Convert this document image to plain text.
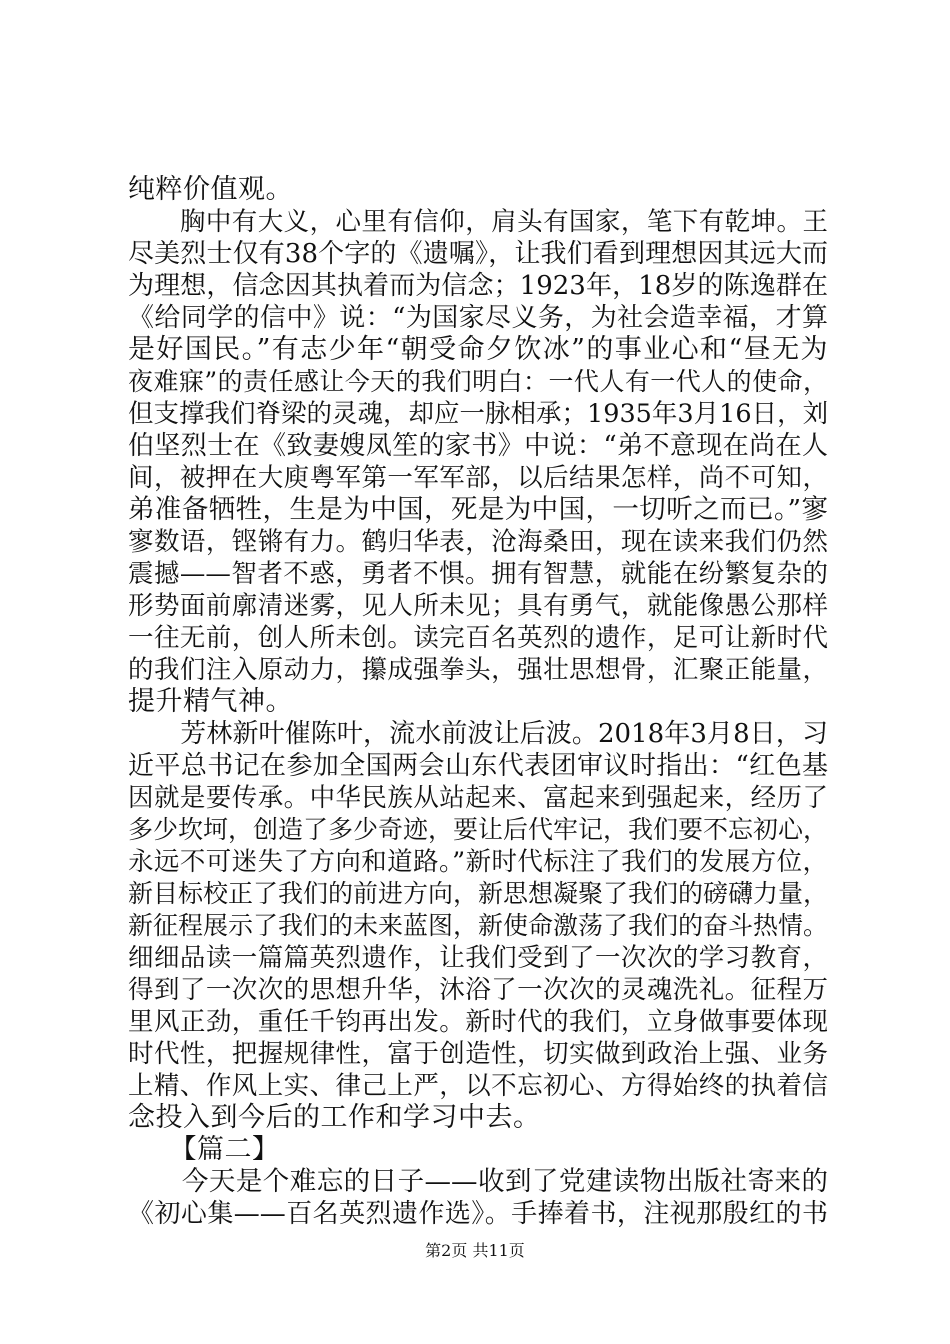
纯粹价值观。
　　胸中有大义，心里有信仰，肩头有国家，笔下有乾坤。王
尽美烈士仅有38个字的《遗嘱》，让我们看到理想因其远大而
为理想，信念因其执着而为信念；1923年，18岁的陈逸群在
《给同学的信中》说：“为国家尽义务，为社会造幸福，才算
是好国民。”有志少年“朝受命夕饮冰”的事业心和“昼无为
夜难寐”的责任感让今天的我们明白：一代人有一代人的使命，
但支撑我们脊梁的灵魂，却应一脉相承；1935年3月16日，刘
伯坚烈士在《致妻嫂凤笙的家书》中说：“弟不意现在尚在人
间，被押在大庾粤军第一军军部，以后结果怎样，尚不可知，
弟准备牺牲，生是为中国，死是为中国，一切听之而已。”寥
寥数语，铿锵有力。鹤归华表，沧海桑田，现在读来我们仍然
震撼——智者不惑，勇者不惧。拥有智慧，就能在纷繁复杂的
形势面前廓清迷雾，见人所未见；具有勇气，就能像愚公那样
一往无前，创人所未创。读完百名英烈的遗作，足可让新时代
的我们注入原动力，攥成强拳头，强壮思想骨，汇聚正能量，
提升精气神。
　　芳林新叶催陈叶，流水前波让后波。2018年3月8日，习
近平总书记在参加全国两会山东代表团审议时指出：“红色基
因就是要传承。中华民族从站起来、富起来到强起来，经历了
多少坎坷，创造了多少奇迹，要让后代牢记，我们要不忘初心，
永远不可迷失了方向和道路。”新时代标注了我们的发展方位，
新目标校正了我们的前进方向，新思想凝聚了我们的磅礴力量，
新征程展示了我们的未来蓝图，新使命激荡了我们的奋斗热情。
细细品读一篇篇英烈遗作，让我们受到了一次次的学习教育，
得到了一次次的思想升华，沐浴了一次次的灵魂洗礼。征程万
里风正劲，重任千钧再出发。新时代的我们，立身做事要体现
时代性，把握规律性，富于创造性，切实做到政治上强、业务
上精、作风上实、律己上严，以不忘初心、方得始终的执着信
念投入到今后的工作和学习中去。
　　【篇二】
　　今天是个难忘的日子——收到了党建读物出版社寄来的
《初心集——百名英烈遗作选》。手捧着书，注视那殷红的书
第2页 共11页
